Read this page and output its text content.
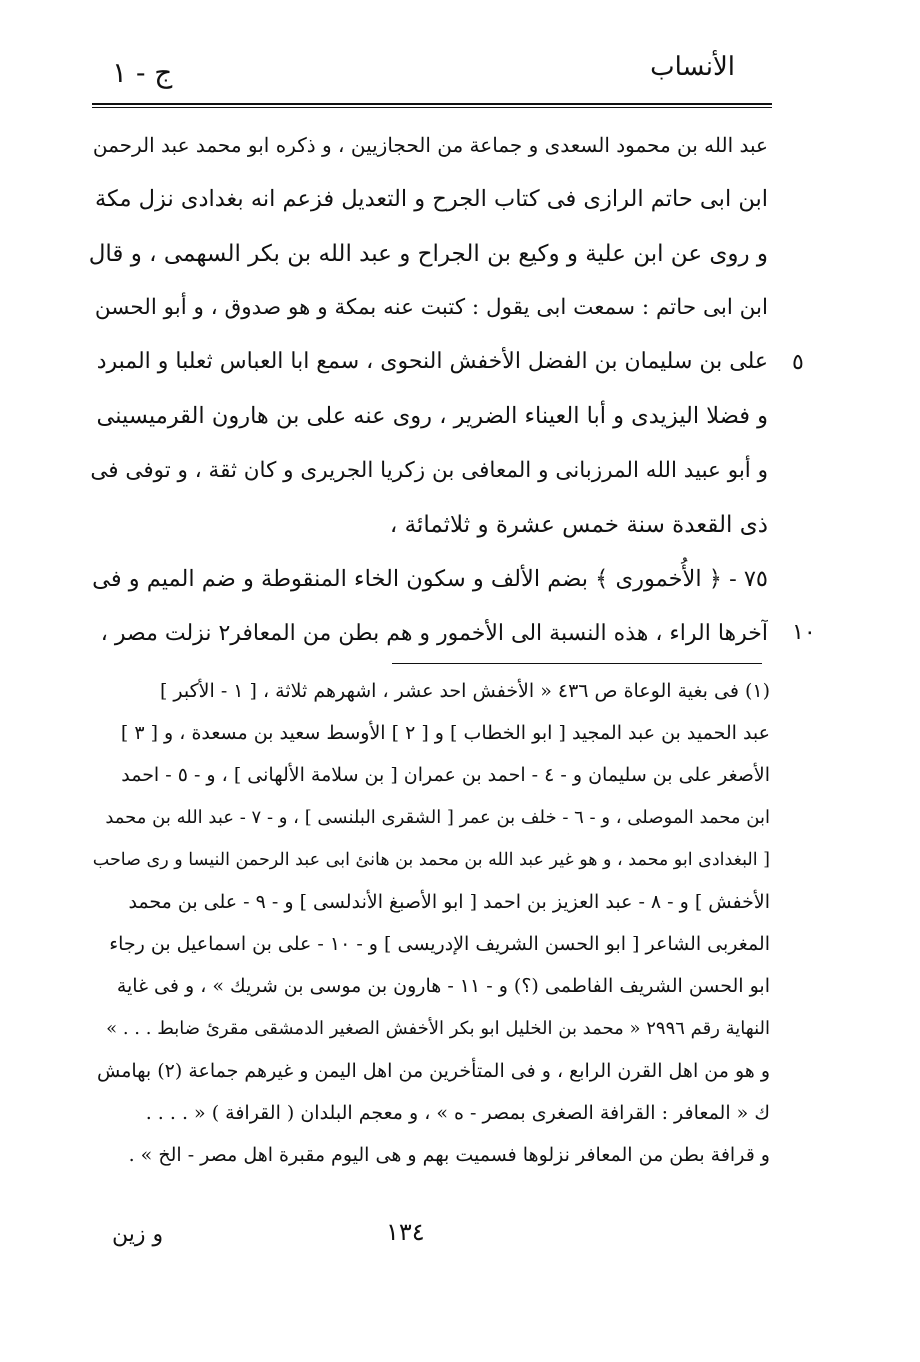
الأنساب
ج - ١
عبد الله بن محمود السعدى و جماعة من الحجازيين ، و ذكره ابو محمد عبد الرحمن
ابن ابى حاتم الرازى فى كتاب الجرح و التعديل فزعم انه بغدادى نزل مكة
و روى عن ابن علية و وكيع بن الجراح و عبد الله بن بكر السهمى ، و قال
ابن ابى حاتم : سمعت ابى يقول : كتبت عنه بمكة و هو صدوق ، و أبو الحسن
على بن سليمان بن الفضل الأخفش النحوى ، سمع ابا العباس ثعلبا و المبرد
و فضلا اليزيدى و أبا العيناء الضرير ، روى عنه على بن هارون القرميسينى
و أبو عبيد الله المرزبانى و المعافى بن زكريا الجريرى و كان ثقة ، و توفى فى
ذى القعدة سنة خمس عشرة و ثلاثمائة ،
٧٥ - ﴿ الأُخمورى ﴾ بضم الألف و سكون الخاء المنقوطة و ضم الميم و فى
آخرها الراء ، هذه النسبة الى الأخمور و هم بطن من المعافر٢ نزلت مصر ،
٥
١٠
(١) فى بغية الوعاة ص ٤٣٦ « الأخفش احد عشر ، اشهرهم ثلاثة ، [ ١ - الأكبر ]
عبد الحميد بن عبد المجيد [ ابو الخطاب ] و [ ٢ ] الأوسط سعيد بن مسعدة ، و [ ٣ ]
الأصغر على بن سليمان و - ٤ - احمد بن عمران [ بن سلامة الألهانى ] ، و - ٥ - احمد
ابن محمد الموصلى ، و - ٦ - خلف بن عمر [ الشقرى البلنسى ] ، و - ٧ - عبد الله بن محمد
[ البغدادى ابو محمد ، و هو غير عبد الله بن محمد بن هانئ ابى عبد الرحمن النيسا و رى صاحب
الأخفش ] و - ٨ - عبد العزيز بن احمد [ ابو الأصبغ الأندلسى ] و - ٩ - على بن محمد
المغربى الشاعر [ ابو الحسن الشريف الإدريسى ] و - ١٠ - على بن اسماعيل بن رجاء
ابو الحسن الشريف الفاطمى (؟) و - ١١ - هارون بن موسى بن شريك » ، و فى غاية
النهاية رقم ٢٩٩٦ « محمد بن الخليل ابو بكر الأخفش الصغير الدمشقى مقرئ ضابط . . . »
و هو من اهل القرن الرابع ، و فى المتأخرين من اهل اليمن و غيرهم جماعة (٢) بهامش
ك « المعافر : القرافة الصغرى بمصر - ه » ، و معجم البلدان ( القرافة ) « . . . .
و قرافة بطن من المعافر نزلوها فسميت بهم و هى اليوم مقبرة اهل مصر - الخ » .
١٣٤
و زين
